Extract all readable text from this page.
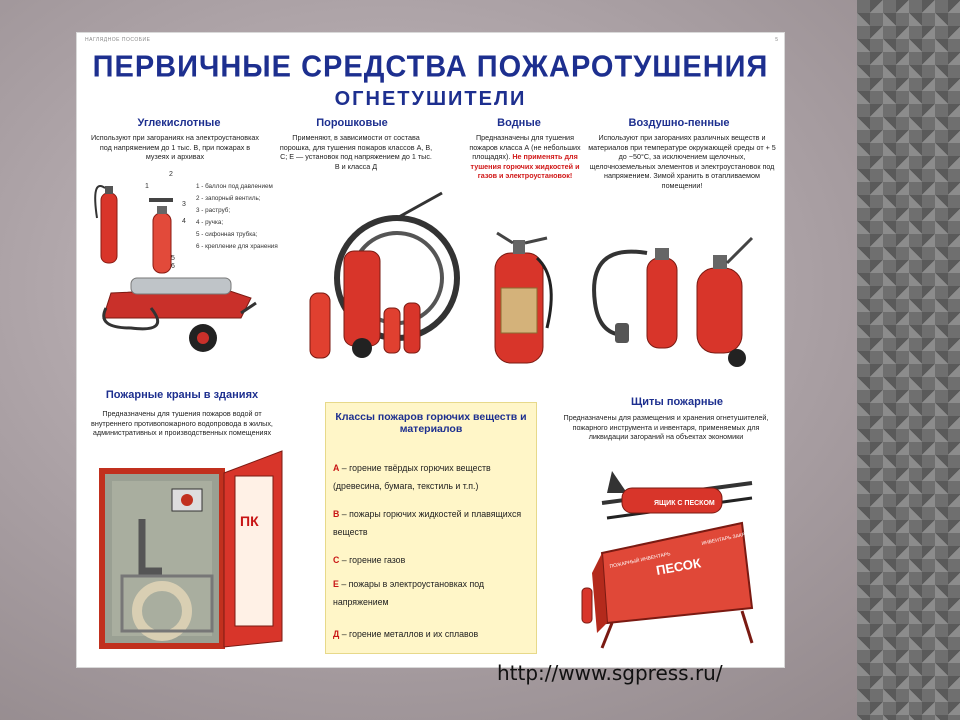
НАГЛЯДНОЕ ПОСОБИЕ	5
ПЕРВИЧНЫЕ СРЕДСТВА ПОЖАРОТУШЕНИЯ
ОГНЕТУШИТЕЛИ
Углекислотные	Порошковые	Водные	Воздушно-пенные
Используют при загораниях на электроустановках под напряжением до 1 тыс. В, при пожарах в музеях и архивах
Применяют, в зависимости от состава порошка, для тушения пожаров классов А, В, С; Е — установок под напряжением до 1 тыс. В и класса Д
Предназначены для тушения пожаров класса А (не небольших площадях). Не применять для тушения горючих жидкостей и газов и электроустановок!
Используют при загораниях различных веществ и материалов при температуре окружающей среды от + 5 до −50°С, за исключением щелочных, щелочноземельных элементов и электроустановок под напряжением. Зимой хранить в отапливаемом помещении!
1 - баллон под давлением
2 - запорный вентиль;
3 - раструб;
4 - ручка;
5 - сифонная трубка;
6 - крепление для хранения
1
2
3
4
5
6
Пожарные краны в зданиях
Предназначены для тушения пожаров водой от внутреннего противопожарного водопровода в жилых, административных и производственных помещениях
ПК
Классы пожаров горючих веществ и материалов
А – горение твёрдых горючих веществ (древесина, бумага, текстиль и т.п.)
В – пожары горючих жидкостей и плавящихся веществ
С – горение газов
Е – пожары в электроустановках под напряжением
Д – горение металлов и их сплавов
Щиты пожарные
Предназначены для размещения и хранения огнетушителей, пожарного инструмента и инвентаря, применяемых для ликвидации загораний на объектах экономики
ЯЩИК С ПЕСКОМ
ПЕСОК
ПОЖАРНЫЙ ИНВЕНТАРЬ
ИНВЕНТАРЬ ЗАКРЕПЛЁН
http://www.sgpress.ru/
